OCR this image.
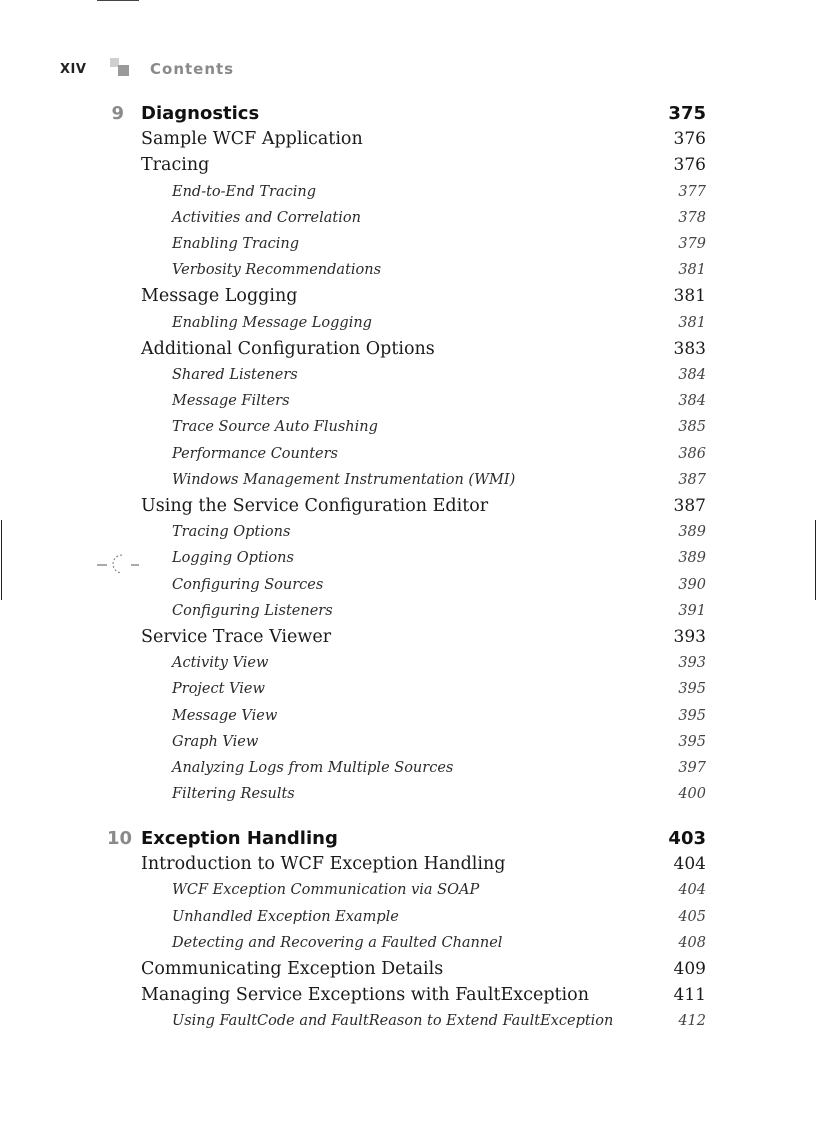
XIV	Contents
9 Diagnostics	375
Sample WCF Application	376
Tracing	376
End-to-End Tracing	377
Activities and Correlation	378
Enabling Tracing	379
Verbosity Recommendations	381
Message Logging	381
Enabling Message Logging	381
Additional Configuration Options	383
Shared Listeners	384
Message Filters	384
Trace Source Auto Flushing	385
Performance Counters	386
Windows Management Instrumentation (WMI)	387
Using the Service Configuration Editor	387
Tracing Options	389
Logging Options	389
Configuring Sources	390
Configuring Listeners	391
Service Trace Viewer	393
Activity View	393
Project View	395
Message View	395
Graph View	395
Analyzing Logs from Multiple Sources	397
Filtering Results	400
10 Exception Handling	403
Introduction to WCF Exception Handling	404
WCF Exception Communication via SOAP	404
Unhandled Exception Example	405
Detecting and Recovering a Faulted Channel	408
Communicating Exception Details	409
Managing Service Exceptions with FaultException	411
Using FaultCode and FaultReason to Extend FaultException	412
